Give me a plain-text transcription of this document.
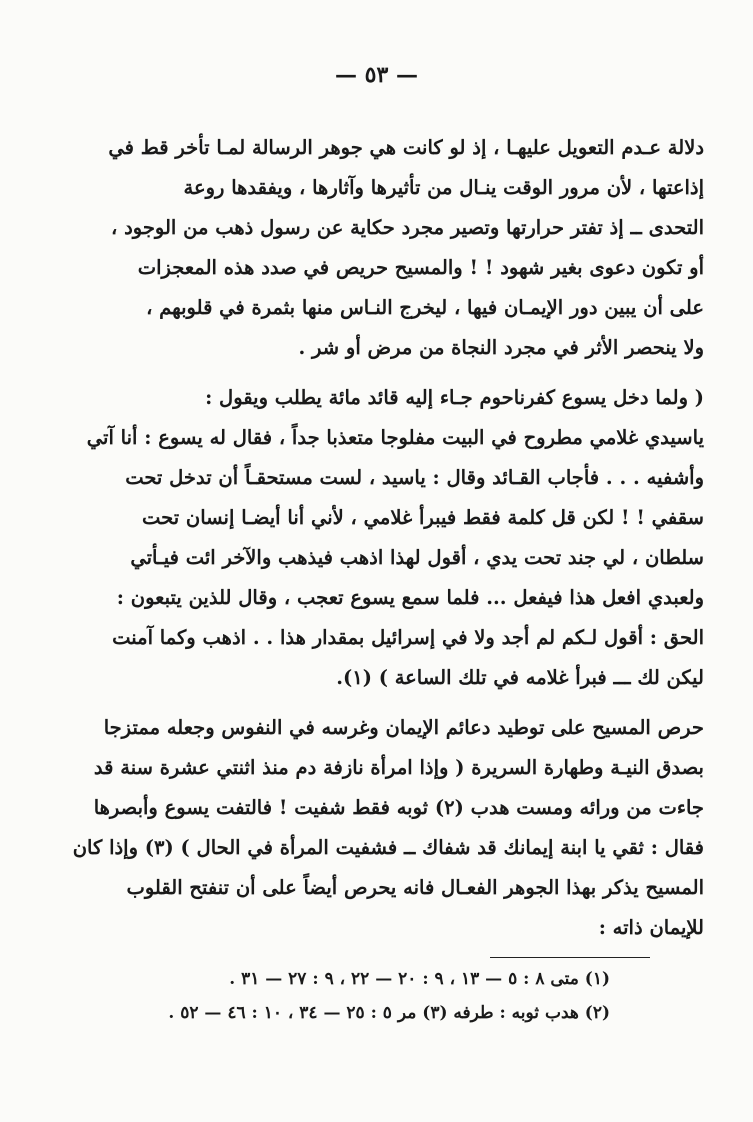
— ٥٣ —
دلالة عـدم التعويل عليهـا ، إذ لو كانت هي جوهر الرسالة لمـا تأخر قط في
إذاعتها ، لأن مرور الوقت ينـال من تأثيرها وآثارها ، ويفقدها روعة
التحدى ــ إذ تفتر حرارتها وتصير مجرد حكاية عن رسول ذهب من الوجود ،
أو تكون دعوى بغير شهود ! ! والمسيح حريص في صدد هذه المعجزات
على أن يبين دور الإيمـان فيها ، ليخرج النـاس منها بثمرة في قلوبهم ،
ولا ينحصر الأثر في مجرد النجاة من مرض أو شر .
( ولما دخل يسوع كفرناحوم جـاء إليه قائد مائة يطلب ويقول :
ياسيدي غلامي مطروح في البيت مفلوجا متعذبا جداً ، فقال له يسوع : أنا آتي
وأشفيه . . . فأجاب القـائد وقال : ياسيد ، لست مستحقـاً أن تدخل تحت
سقفي ! ! لكن قل كلمة فقط فيبرأ غلامي ، لأني أنا أيضـا إنسان تحت
سلطان ، لي جند تحت يدي ، أقول لهذا اذهب فيذهب والآخر ائت فيـأتي
ولعبدي افعل هذا فيفعل ... فلما سمع يسوع تعجب ، وقال للذين يتبعون :
الحق : أقول لـكم لم أجد ولا في إسرائيل بمقدار هذا . . اذهب وكما آمنت
ليكن لك ـــ فبرأ غلامه في تلك الساعة ) (١).
حرص المسيح على توطيد دعائم الإيمان وغرسه في النفوس وجعله ممتزجا
بصدق النيـة وطهارة السريرة ( وإذا امرأة نازفة دم منذ اثنتي عشرة سنة قد
جاءت من ورائه ومست هدب (٢) ثوبه فقط شفيت ! فالتفت يسوع وأبصرها
فقال : ثقي يا ابنة إيمانك قد شفاك ــ فشفيت المرأة في الحال ) (٣) وإذا كان
المسيح يذكر بهذا الجوهر الفعـال فانه يحرص أيضاً على أن تنفتح القلوب
للإيمان ذاته :
(١) متى ٨ : ٥ — ١٣ ، ٩ : ٢٠ — ٢٢ ، ٩ : ٢٧ — ٣١ .
(٢) هدب ثوبه : طرفه (٣) مر ٥ : ٢٥ — ٣٤ ، ١٠ : ٤٦ — ٥٢ .
